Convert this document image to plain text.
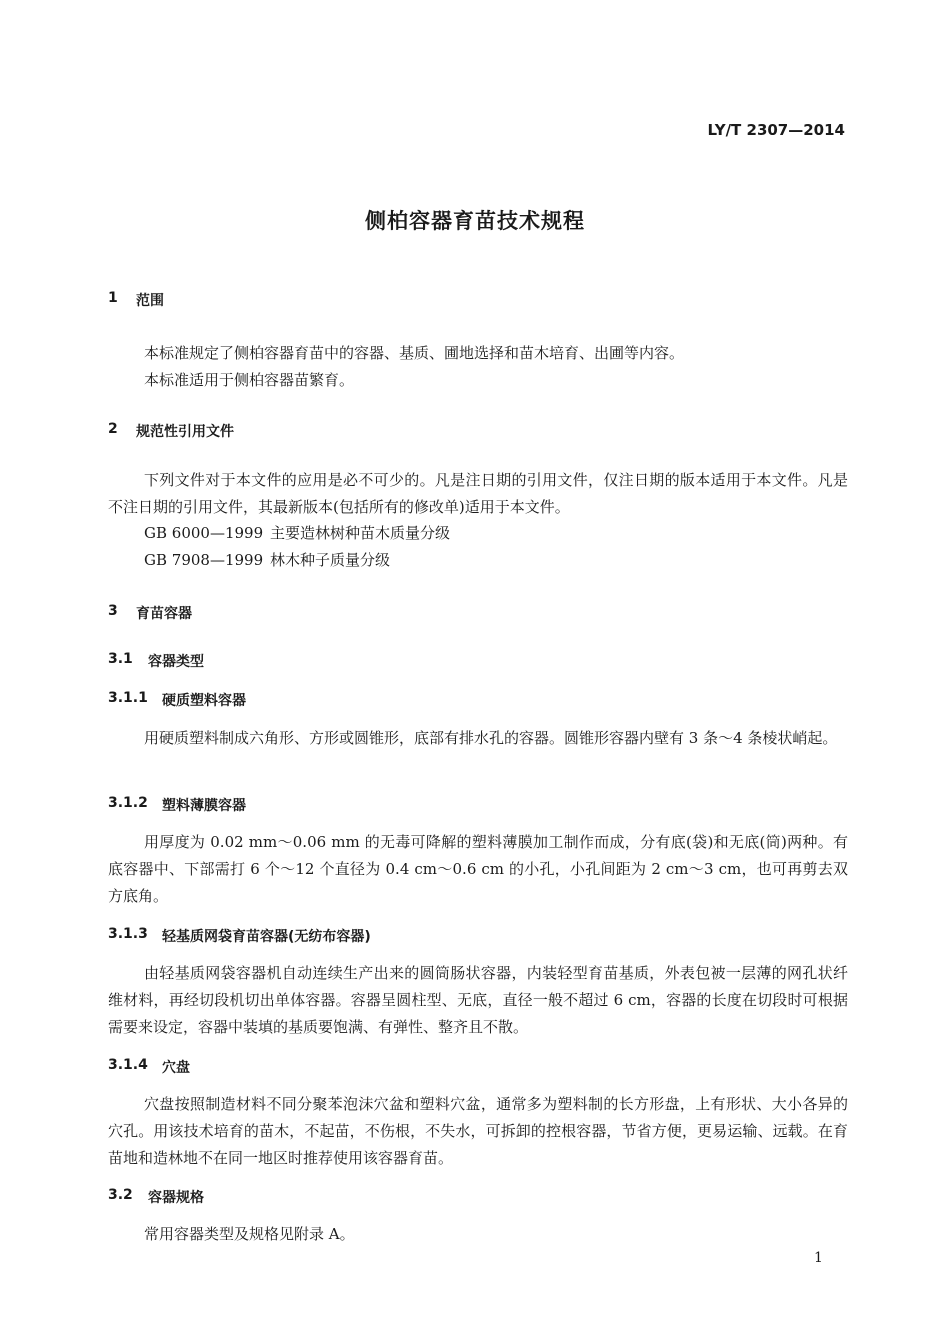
LY/T 2307—2014
侧柏容器育苗技术规程
1 范围
本标准规定了侧柏容器育苗中的容器、基质、圃地选择和苗木培育、出圃等内容。
本标准适用于侧柏容器苗繁育。
2 规范性引用文件
下列文件对于本文件的应用是必不可少的。凡是注日期的引用文件，仅注日期的版本适用于本文件。凡是不注日期的引用文件，其最新版本(包括所有的修改单)适用于本文件。
GB 6000—1999 主要造林树种苗木质量分级
GB 7908—1999 林木种子质量分级
3 育苗容器
3.1 容器类型
3.1.1 硬质塑料容器
用硬质塑料制成六角形、方形或圆锥形，底部有排水孔的容器。圆锥形容器内壁有 3 条～4 条棱状峭起。
3.1.2 塑料薄膜容器
用厚度为 0.02 mm～0.06 mm 的无毒可降解的塑料薄膜加工制作而成，分有底(袋)和无底(筒)两种。有底容器中、下部需打 6 个～12 个直径为 0.4 cm～0.6 cm 的小孔，小孔间距为 2 cm～3 cm，也可再剪去双方底角。
3.1.3 轻基质网袋育苗容器(无纺布容器)
由轻基质网袋容器机自动连续生产出来的圆筒肠状容器，内装轻型育苗基质，外表包被一层薄的网孔状纤维材料，再经切段机切出单体容器。容器呈圆柱型、无底，直径一般不超过 6 cm，容器的长度在切段时可根据需要来设定，容器中装填的基质要饱满、有弹性、整齐且不散。
3.1.4 穴盘
穴盘按照制造材料不同分聚苯泡沫穴盆和塑料穴盆，通常多为塑料制的长方形盘，上有形状、大小各异的穴孔。用该技术培育的苗木，不起苗，不伤根，不失水，可拆卸的控根容器，节省方便，更易运输、远载。在育苗地和造林地不在同一地区时推荐使用该容器育苗。
3.2 容器规格
常用容器类型及规格见附录 A。
1
